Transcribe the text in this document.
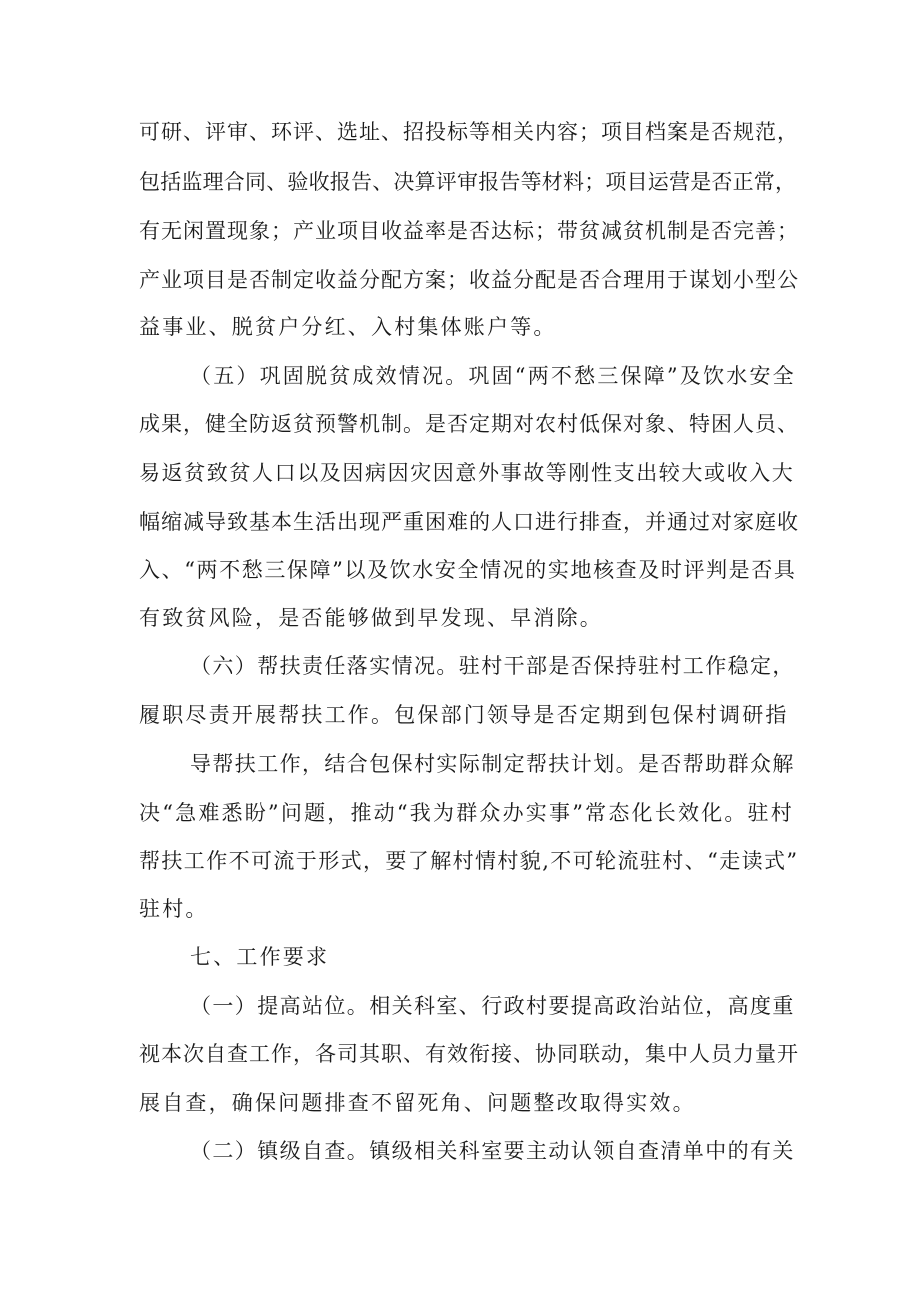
可研、评审、环评、选址、招投标等相关内容；项目档案是否规范，
包括监理合同、验收报告、决算评审报告等材料；项目运营是否正常，
有无闲置现象；产业项目收益率是否达标；带贫减贫机制是否完善；
产业项目是否制定收益分配方案；收益分配是否合理用于谋划小型公
益事业、脱贫户分红、入村集体账户等。
（五）巩固脱贫成效情况。巩固“两不愁三保障”及饮水安全
成果，健全防返贫预警机制。是否定期对农村低保对象、特困人员、
易返贫致贫人口以及因病因灾因意外事故等刚性支出较大或收入大
幅缩减导致基本生活出现严重困难的人口进行排查，并通过对家庭收
入、“两不愁三保障”以及饮水安全情况的实地核查及时评判是否具
有致贫风险，是否能够做到早发现、早消除。
（六）帮扶责任落实情况。驻村干部是否保持驻村工作稳定，
履职尽责开展帮扶工作。包保部门领导是否定期到包保村调研指
导帮扶工作，结合包保村实际制定帮扶计划。是否帮助群众解
决“急难悉盼”问题，推动“我为群众办实事”常态化长效化。驻村
帮扶工作不可流于形式，要了解村情村貌,不可轮流驻村、“走读式”
驻村。
七、工作要求
（一）提高站位。相关科室、行政村要提高政治站位，高度重
视本次自查工作，各司其职、有效衔接、协同联动，集中人员力量开
展自查，确保问题排查不留死角、问题整改取得实效。
（二）镇级自查。镇级相关科室要主动认领自查清单中的有关
